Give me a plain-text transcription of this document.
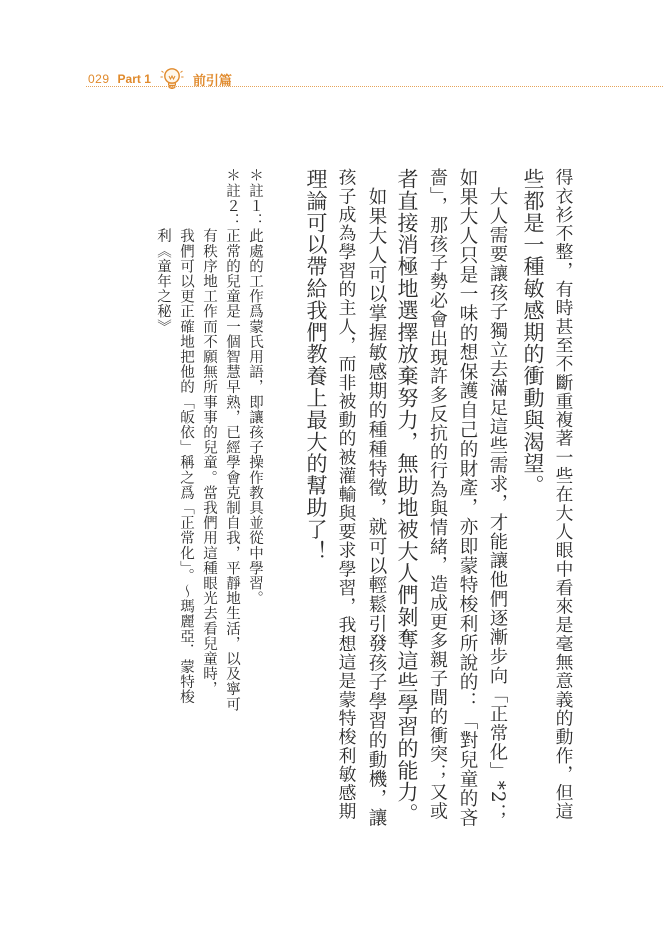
029 Part 1	前引篇
得衣衫不整，有時甚至不斷重複著一些在大人眼中看來是毫無意義的動作，但這
些都是一種敏感期的衝動與渴望。
　大人需要讓孩子獨立去滿足這些需求，才能讓他們逐漸步向「正常化」*2；
如果大人只是一味的想保護自己的財產，亦即蒙特梭利所說的：「對兒童的吝
嗇」，那孩子勢必會出現許多反抗的行為與情緒，造成更多親子間的衝突；又或
者直接消極地選擇放棄努力，無助地被大人們剝奪這些學習的能力。
　如果大人可以掌握敏感期的種種特徵，就可以輕鬆引發孩子學習的動機，讓
孩子成為學習的主人，而非被動的被灌輸與要求學習，我想這是蒙特梭利敏感期
理論可以帶給我們教養上最大的幫助了！
＊註１：此處的工作爲蒙氏用語，即讓孩子操作教具並從中學習。
＊註２：正常的兒童是一個智慧早熟，已經學會克制自我，平靜地生活，以及寧可
　　　　有秩序地工作而不願無所事事的兒童。當我們用這種眼光去看兒童時，
　　　　我們可以更正確地把他的「皈依」稱之爲「正常化」。～瑪麗亞．蒙特梭
　　　　利《童年之秘》
